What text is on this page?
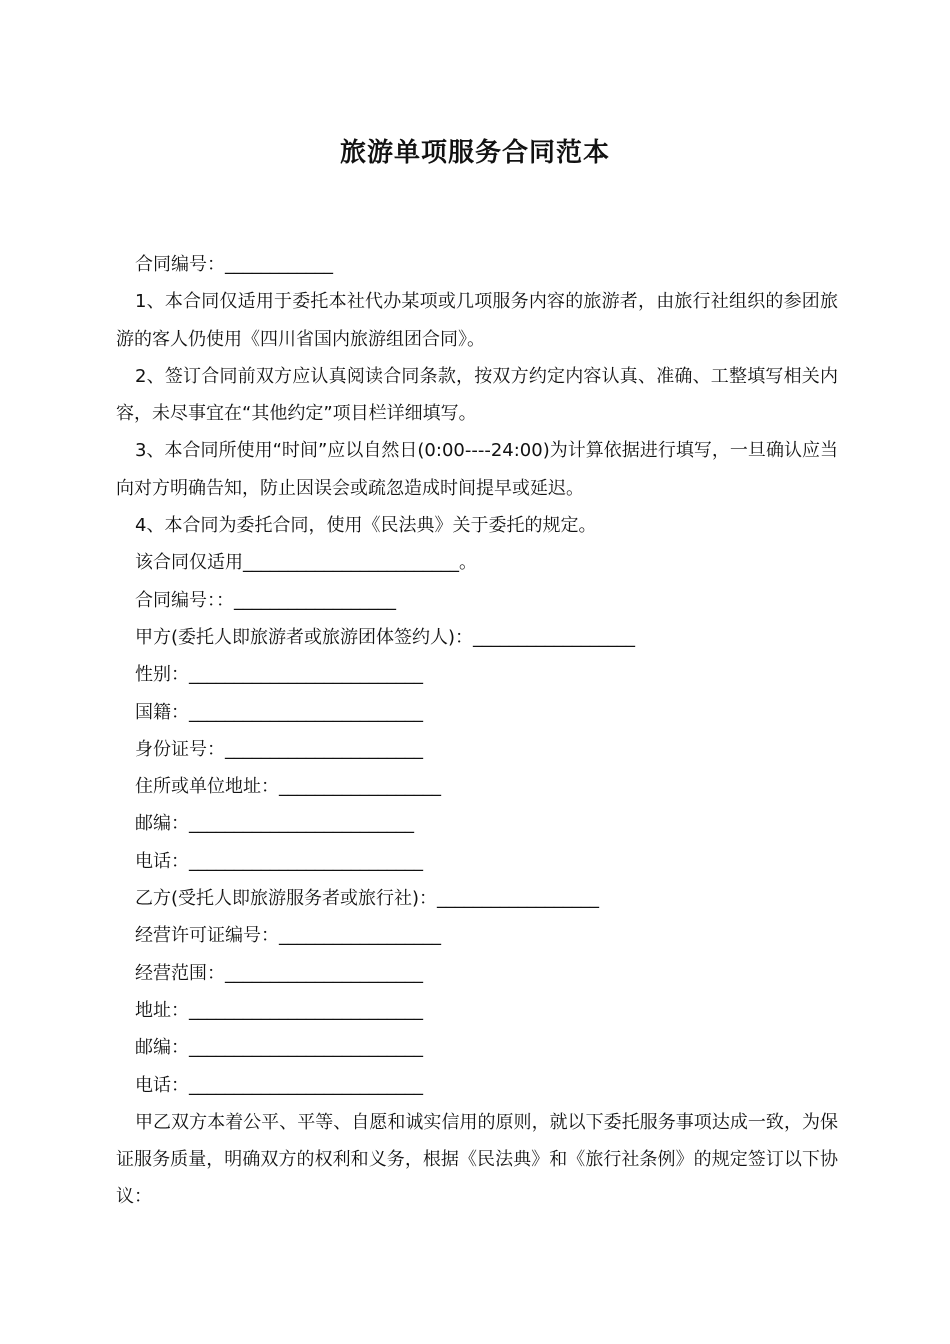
旅游单项服务合同范本
合同编号：____________
1、本合同仅适用于委托本社代办某项或几项服务内容的旅游者，由旅行社组织的参团旅游的客人仍使用《四川省国内旅游组团合同》。
2、签订合同前双方应认真阅读合同条款，按双方约定内容认真、准确、工整填写相关内容，未尽事宜在“其他约定”项目栏详细填写。
3、本合同所使用“时间”应以自然日(0:00----24:00)为计算依据进行填写，一旦确认应当向对方明确告知，防止因误会或疏忽造成时间提早或延迟。
4、本合同为委托合同，使用《民法典》关于委托的规定。
该合同仅适用________________________。
合同编号：：__________________
甲方(委托人即旅游者或旅游团体签约人)：__________________
性别：__________________________
国籍：__________________________
身份证号：______________________
住所或单位地址：__________________
邮编：_________________________
电话：__________________________
乙方(受托人即旅游服务者或旅行社)：__________________
经营许可证编号：__________________
经营范围：______________________
地址：__________________________
邮编：__________________________
电话：__________________________
甲乙双方本着公平、平等、自愿和诚实信用的原则，就以下委托服务事项达成一致，为保证服务质量，明确双方的权利和义务，根据《民法典》和《旅行社条例》的规定签订以下协议：
